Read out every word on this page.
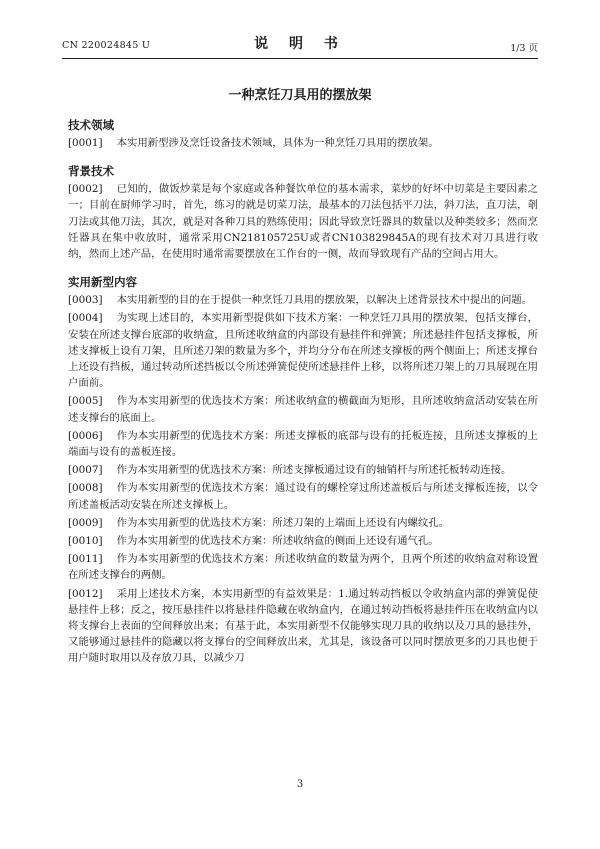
CN 220024845 U	说 明 书	1/3 页
一种烹饪刀具用的摆放架
技术领域

[0001] 本实用新型涉及烹饪设备技术领域，具体为一种烹饪刀具用的摆放架。

背景技术

[0002] 已知的，做饭炒菜是每个家庭或各种餐饮单位的基本需求，菜炒的好坏中切菜是主要因素之一；目前在厨师学习时，首先，练习的就是切菜刀法，最基本的刀法包括平刀法，斜刀法，直刀法，剞刀法或其他刀法，其次，就是对各种刀具的熟练使用；因此导致烹饪器具的数量以及种类较多；然而烹饪器具在集中收放时，通常采用CN218105725U或者CN103829845A的现有技术对刀具进行收纳，然而上述产品，在使用时通常需要摆放在工作台的一侧，故而导致现有产品的空间占用大。

实用新型内容

[0003] 本实用新型的目的在于提供一种烹饪刀具用的摆放架，以解决上述背景技术中提出的问题。

[0004] 为实现上述目的，本实用新型提供如下技术方案：一种烹饪刀具用的摆放架，包括支撑台，安装在所述支撑台底部的收纳盒，且所述收纳盒的内部设有悬挂件和弹簧；所述悬挂件包括支撑板，所述支撑板上设有刀架，且所述刀架的数量为多个，并均分分布在所述支撑板的两个侧面上；所述支撑台上还设有挡板，通过转动所述挡板以令所述弹簧促使所述悬挂件上移，以将所述刀架上的刀具展现在用户面前。

[0005] 作为本实用新型的优选技术方案：所述收纳盒的横截面为矩形，且所述收纳盒活动安装在所述支撑台的底面上。

[0006] 作为本实用新型的优选技术方案：所述支撑板的底部与设有的托板连接，且所述支撑板的上端面与设有的盖板连接。

[0007] 作为本实用新型的优选技术方案：所述支撑板通过设有的轴销杆与所述托板转动连接。

[0008] 作为本实用新型的优选技术方案：通过设有的螺栓穿过所述盖板后与所述支撑板连接，以令所述盖板活动安装在所述支撑板上。

[0009] 作为本实用新型的优选技术方案：所述刀架的上端面上还设有内螺纹孔。

[0010] 作为本实用新型的优选技术方案：所述收纳盒的侧面上还设有通气孔。

[0011] 作为本实用新型的优选技术方案：所述收纳盒的数量为两个，且两个所述的收纳盒对称设置在所述支撑台的两侧。

[0012] 采用上述技术方案，本实用新型的有益效果是：1.通过转动挡板以令收纳盒内部的弹簧促使悬挂件上移；反之，按压悬挂件以将悬挂件隐藏在收纳盒内，在通过转动挡板将悬挂件压在收纳盒内以将支撑台上表面的空间释放出来；有基于此，本实用新型不仅能够实现刀具的收纳以及刀具的悬挂外，又能够通过悬挂件的隐藏以将支撑台的空间释放出来，尤其是，该设备可以同时摆放更多的刀具也便于用户随时取用以及存放刀具，以减少刀

3
